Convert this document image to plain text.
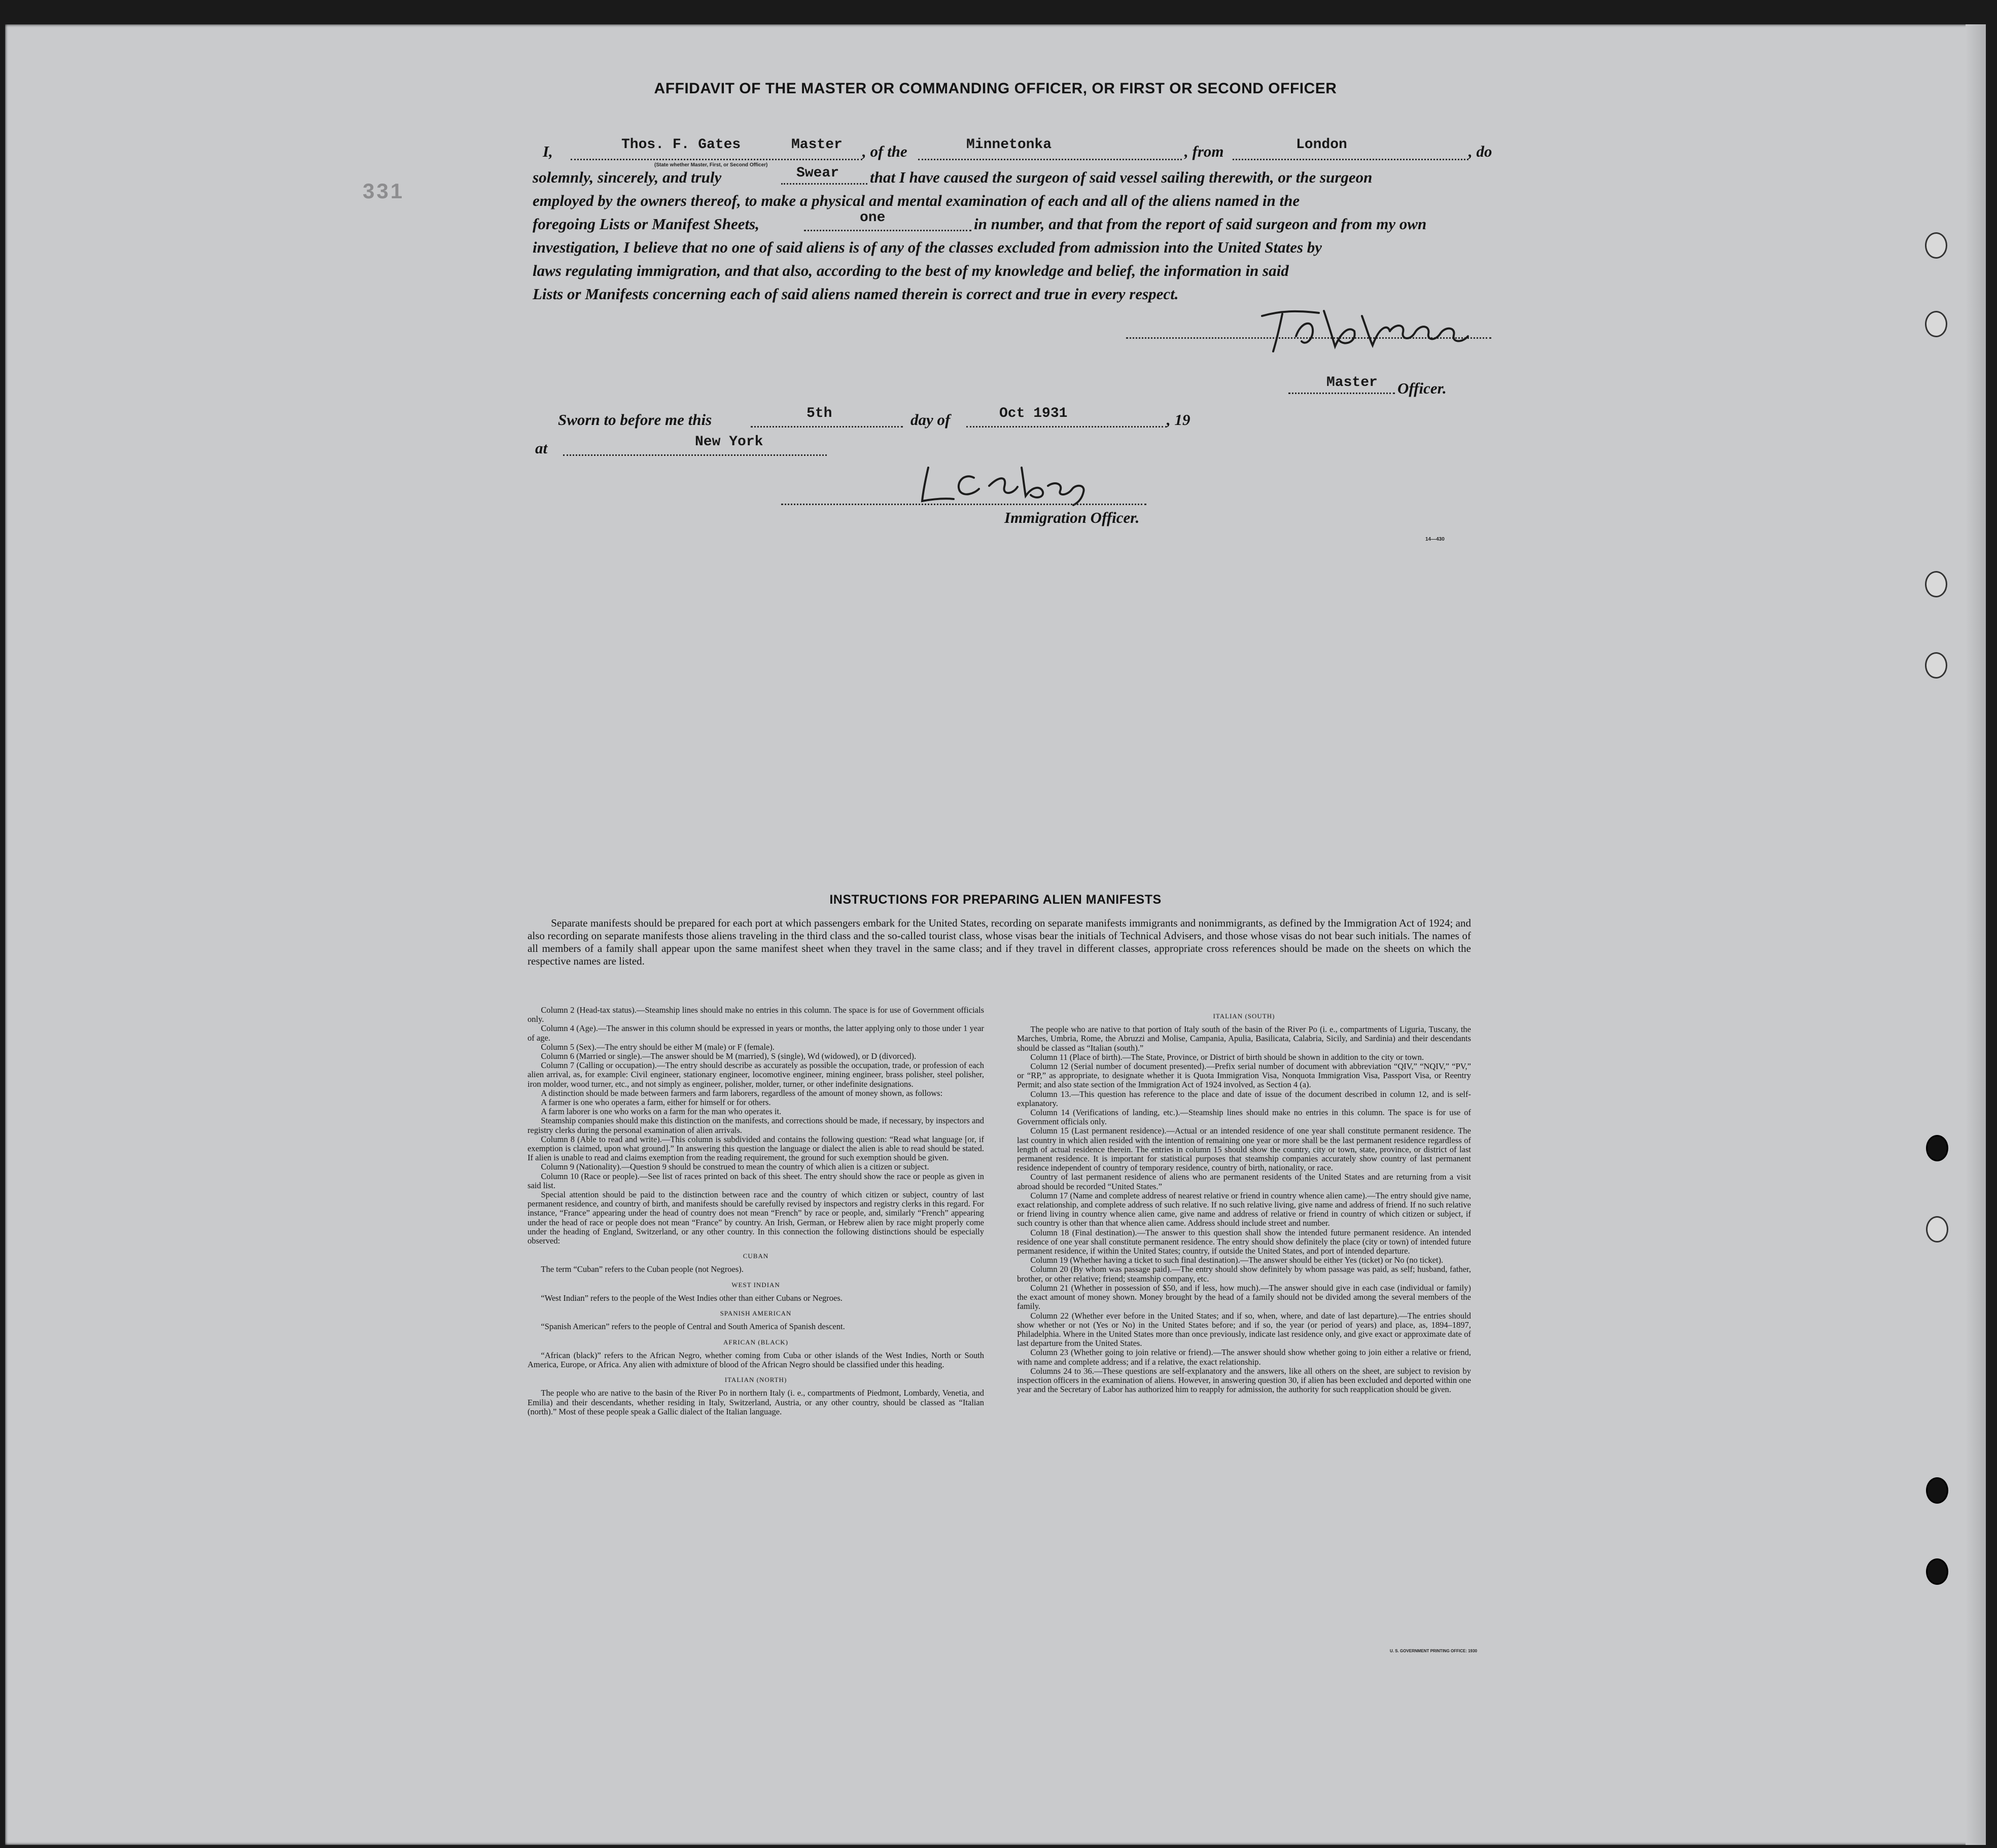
331
AFFIDAVIT OF THE MASTER OR COMMANDING OFFICER, OR FIRST OR SECOND OFFICER
I,	Thos. F. Gates	Master
(State whether Master, First, or Second Officer)
, of the	Minnetonka	, from	London	, do
solemnly, sincerely, and truly	Swear that I have caused the surgeon of said vessel sailing therewith, or the surgeon
employed by the owners thereof, to make a physical and mental examination of each and all of the aliens named in the
foregoing Lists or Manifest Sheets,	one	in number, and that from the report of said surgeon and from my own
investigation, I believe that no one of said aliens is of any of the classes excluded from admission into the United States by
laws regulating immigration, and that also, according to the best of my knowledge and belief, the information in said
Lists or Manifests concerning each of said aliens named therein is correct and true in every respect.
Master Officer.
Sworn to before me this	5th	day of	Oct 1931	, 19
at	New York
Immigration Officer.
14—430
INSTRUCTIONS FOR PREPARING ALIEN MANIFESTS
Separate manifests should be prepared for each port at which passengers embark for the United States, recording on separate manifests immigrants and nonimmigrants, as defined by the Immigration Act of 1924; and also recording on separate manifests those aliens traveling in the third class and the so-called tourist class, whose visas bear the initials of Technical Advisers, and those whose visas do not bear such initials. The names of all members of a family shall appear upon the same manifest sheet when they travel in the same class; and if they travel in different classes, appropriate cross references should be made on the sheets on which the respective names are listed.

Column 2 (Head-tax status).—Steamship lines should make no entries in this column. The space is for use of Government officials only.

Column 4 (Age).—The answer in this column should be expressed in years or months, the latter applying only to those under 1 year of age.

Column 5 (Sex).—The entry should be either M (male) or F (female).

Column 6 (Married or single).—The answer should be M (married), S (single), Wd (widowed), or D (divorced).

Column 7 (Calling or occupation).—The entry should describe as accurately as possible the occupation, trade, or profession of each alien arrival, as, for example: Civil engineer, stationary engineer, locomotive engineer, mining engineer, brass polisher, steel polisher, iron molder, wood turner, etc., and not simply as engineer, polisher, molder, turner, or other indefinite designations.

A distinction should be made between farmers and farm laborers, regardless of the amount of money shown, as follows:

A farmer is one who operates a farm, either for himself or for others.

A farm laborer is one who works on a farm for the man who operates it.

Steamship companies should make this distinction on the manifests, and corrections should be made, if necessary, by inspectors and registry clerks during the personal examination of alien arrivals.

Column 8 (Able to read and write).—This column is subdivided and contains the following question: “Read what language [or, if exemption is claimed, upon what ground].” In answering this question the language or dialect the alien is able to read should be stated. If alien is unable to read and claims exemption from the reading requirement, the ground for such exemption should be given.

Column 9 (Nationality).—Question 9 should be construed to mean the country of which alien is a citizen or subject.

Column 10 (Race or people).—See list of races printed on back of this sheet. The entry should show the race or people as given in said list.

Special attention should be paid to the distinction between race and the country of which citizen or subject, country of last permanent residence, and country of birth, and manifests should be carefully revised by inspectors and registry clerks in this regard. For instance, “France” appearing under the head of country does not mean “French” by race or people, and, similarly “French” appearing under the head of race or people does not mean “France” by country. An Irish, German, or Hebrew alien by race might properly come under the heading of England, Switzerland, or any other country. In this connection the following distinctions should be especially observed:

CUBAN

The term “Cuban” refers to the Cuban people (not Negroes).

WEST INDIAN

“West Indian” refers to the people of the West Indies other than either Cubans or Negroes.

SPANISH AMERICAN

“Spanish American” refers to the people of Central and South America of Spanish descent.

AFRICAN (BLACK)

“African (black)” refers to the African Negro, whether coming from Cuba or other islands of the West Indies, North or South America, Europe, or Africa. Any alien with admixture of blood of the African Negro should be classified under this heading.

ITALIAN (NORTH)

The people who are native to the basin of the River Po in northern Italy (i. e., compartments of Piedmont, Lombardy, Venetia, and Emilia) and their descendants, whether residing in Italy, Switzerland, Austria, or any other country, should be classed as “Italian (north).” Most of these people speak a Gallic dialect of the Italian language.

ITALIAN (SOUTH)

The people who are native to that portion of Italy south of the basin of the River Po (i. e., compartments of Liguria, Tuscany, the Marches, Umbria, Rome, the Abruzzi and Molise, Campania, Apulia, Basilicata, Calabria, Sicily, and Sardinia) and their descendants should be classed as “Italian (south).”

Column 11 (Place of birth).—The State, Province, or District of birth should be shown in addition to the city or town.

Column 12 (Serial number of document presented).—Prefix serial number of document with abbreviation “QIV,” “NQIV,” “PV,” or “RP,” as appropriate, to designate whether it is Quota Immigration Visa, Nonquota Immigration Visa, Passport Visa, or Reentry Permit; and also state section of the Immigration Act of 1924 involved, as Section 4 (a).

Column 13.—This question has reference to the place and date of issue of the document described in column 12, and is self-explanatory.

Column 14 (Verifications of landing, etc.).—Steamship lines should make no entries in this column. The space is for use of Government officials only.

Column 15 (Last permanent residence).—Actual or an intended residence of one year shall constitute permanent residence. The last country in which alien resided with the intention of remaining one year or more shall be the last permanent residence regardless of length of actual residence therein. The entries in column 15 should show the country, city or town, state, province, or district of last permanent residence. It is important for statistical purposes that steamship companies accurately show country of last permanent residence independent of country of temporary residence, country of birth, nationality, or race.

Country of last permanent residence of aliens who are permanent residents of the United States and are returning from a visit abroad should be recorded “United States.”

Column 17 (Name and complete address of nearest relative or friend in country whence alien came).—The entry should give name, exact relationship, and complete address of such relative. If no such relative living, give name and address of friend. If no such relative or friend living in country whence alien came, give name and address of relative or friend in country of which citizen or subject, if such country is other than that whence alien came. Address should include street and number.

Column 18 (Final destination).—The answer to this question shall show the intended future permanent residence. An intended residence of one year shall constitute permanent residence. The entry should show definitely the place (city or town) of intended future permanent residence, if within the United States; country, if outside the United States, and port of intended departure.

Column 19 (Whether having a ticket to such final destination).—The answer should be either Yes (ticket) or No (no ticket).

Column 20 (By whom was passage paid).—The entry should show definitely by whom passage was paid, as self; husband, father, brother, or other relative; friend; steamship company, etc.

Column 21 (Whether in possession of $50, and if less, how much).—The answer should give in each case (individual or family) the exact amount of money shown. Money brought by the head of a family should not be divided among the several members of the family.

Column 22 (Whether ever before in the United States; and if so, when, where, and date of last departure).—The entries should show whether or not (Yes or No) in the United States before; and if so, the year (or period of years) and place, as, 1894–1897, Philadelphia. Where in the United States more than once previously, indicate last residence only, and give exact or approximate date of last departure from the United States.

Column 23 (Whether going to join relative or friend).—The answer should show whether going to join either a relative or friend, with name and complete address; and if a relative, the exact relationship.

Columns 24 to 36.—These questions are self-explanatory and the answers, like all others on the sheet, are subject to revision by inspection officers in the examination of aliens. However, in answering question 30, if alien has been excluded and deported within one year and the Secretary of Labor has authorized him to reapply for admission, the authority for such reapplication should be given.

U. S. GOVERNMENT PRINTING OFFICE: 1930
